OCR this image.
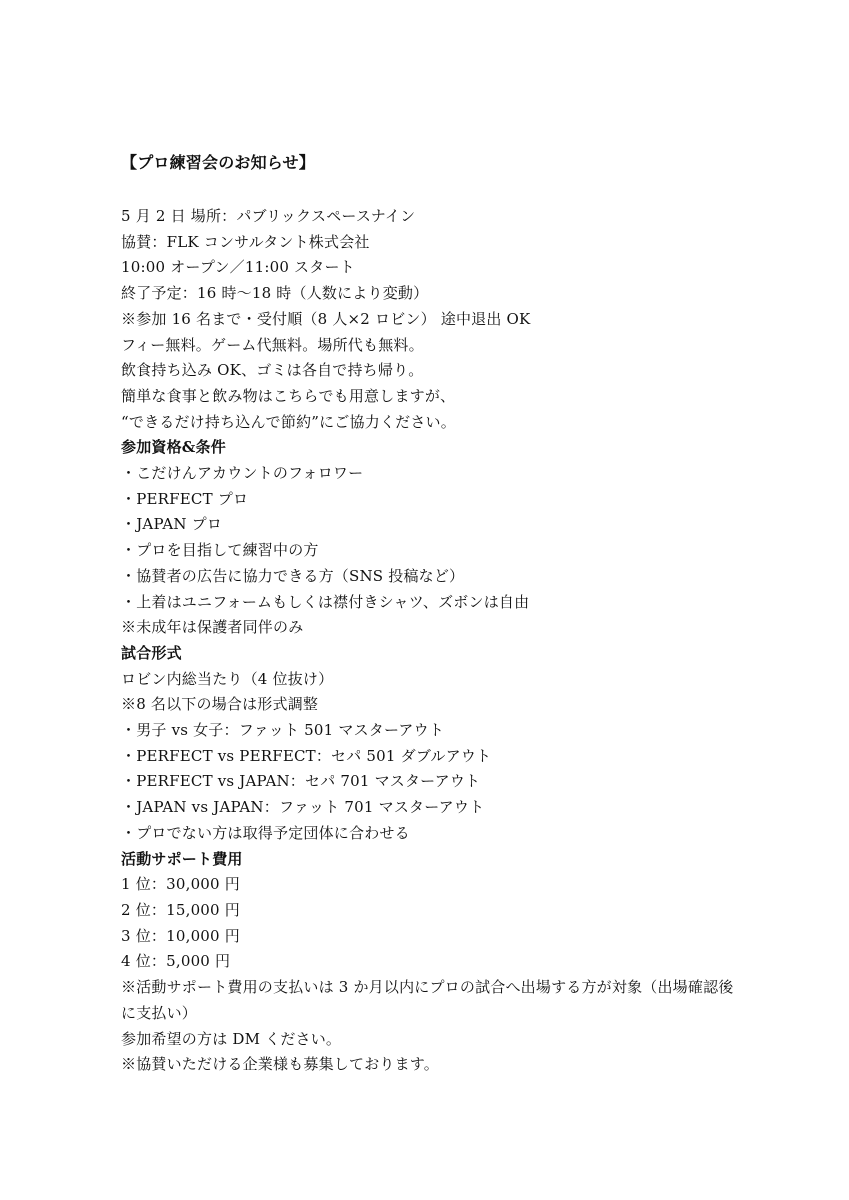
【プロ練習会のお知らせ】
5 月 2 日 場所：パブリックスペースナイン
協賛：FLK コンサルタント株式会社
10:00 オープン／11:00 スタート
終了予定：16 時〜18 時（人数により変動）
※参加 16 名まで・受付順（8 人×2 ロビン） 途中退出 OK
フィー無料。ゲーム代無料。場所代も無料。
飲食持ち込み OK、ゴミは各自で持ち帰り。
簡単な食事と飲み物はこちらでも用意しますが、
“できるだけ持ち込んで節約”にご協力ください。
参加資格&条件
・こだけんアカウントのフォロワー
・PERFECT プロ
・JAPAN プロ
・プロを目指して練習中の方
・協賛者の広告に協力できる方（SNS 投稿など）
・上着はユニフォームもしくは襟付きシャツ、ズボンは自由
※未成年は保護者同伴のみ
試合形式
ロビン内総当たり（4 位抜け）
※8 名以下の場合は形式調整
・男子 vs 女子：ファット 501 マスターアウト
・PERFECT vs PERFECT：セパ 501 ダブルアウト
・PERFECT vs JAPAN：セパ 701 マスターアウト
・JAPAN vs JAPAN：ファット 701 マスターアウト
・プロでない方は取得予定団体に合わせる
活動サポート費用
1 位：30,000 円
2 位：15,000 円
3 位：10,000 円
4 位：5,000 円
※活動サポート費用の支払いは 3 か月以内にプロの試合へ出場する方が対象（出場確認後
に支払い）
参加希望の方は DM ください。
※協賛いただける企業様も募集しております。
